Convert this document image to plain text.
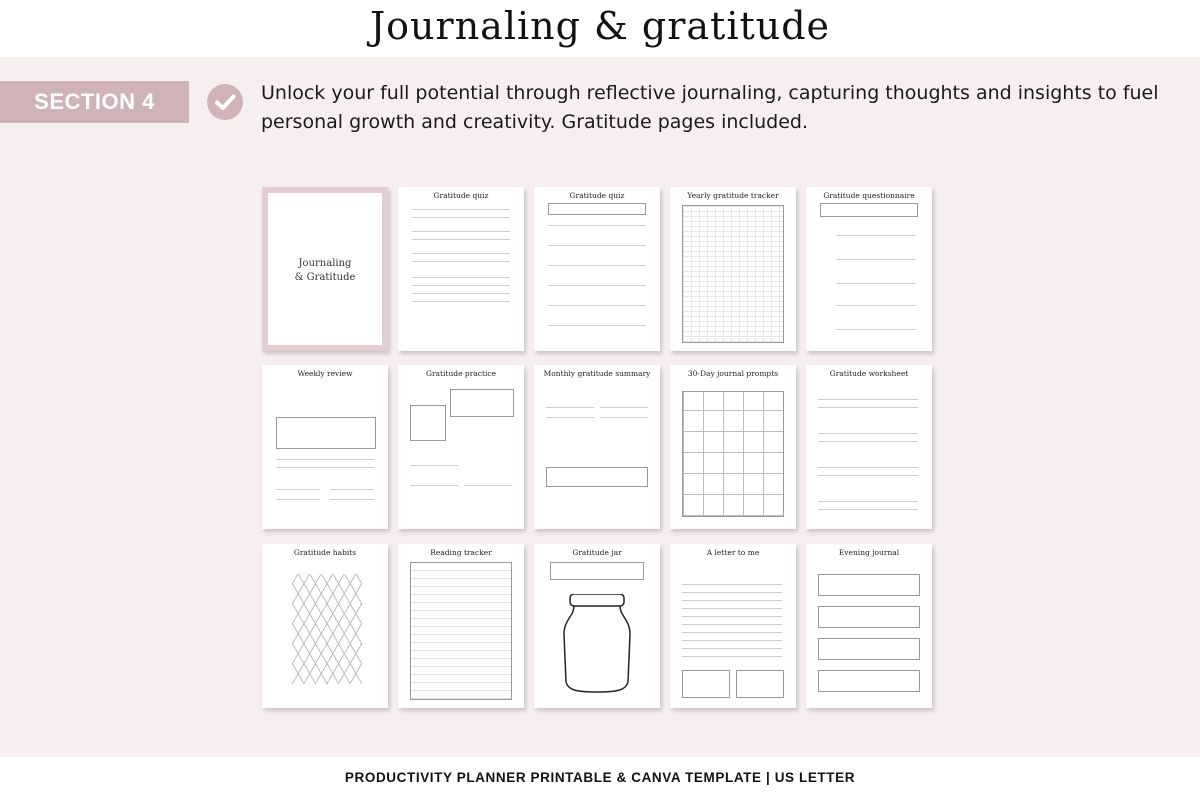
Journaling & gratitude
SECTION 4	Unlock your full potential through reflective journaling, capturing thoughts and insights to fuel personal growth and creativity. Gratitude pages included.
Journaling
& Gratitude
Gratitude quiz	Gratitude quiz	Yearly gratitude tracker	Gratitude questionnaire
Weekly review	Gratitude practice	Monthly gratitude summary	30-Day journal prompts	Gratitude worksheet
Gratitude habits	Reading tracker	Gratitude jar	A letter to me	Evening journal
PRODUCTIVITY PLANNER PRINTABLE & CANVA TEMPLATE | US LETTER
